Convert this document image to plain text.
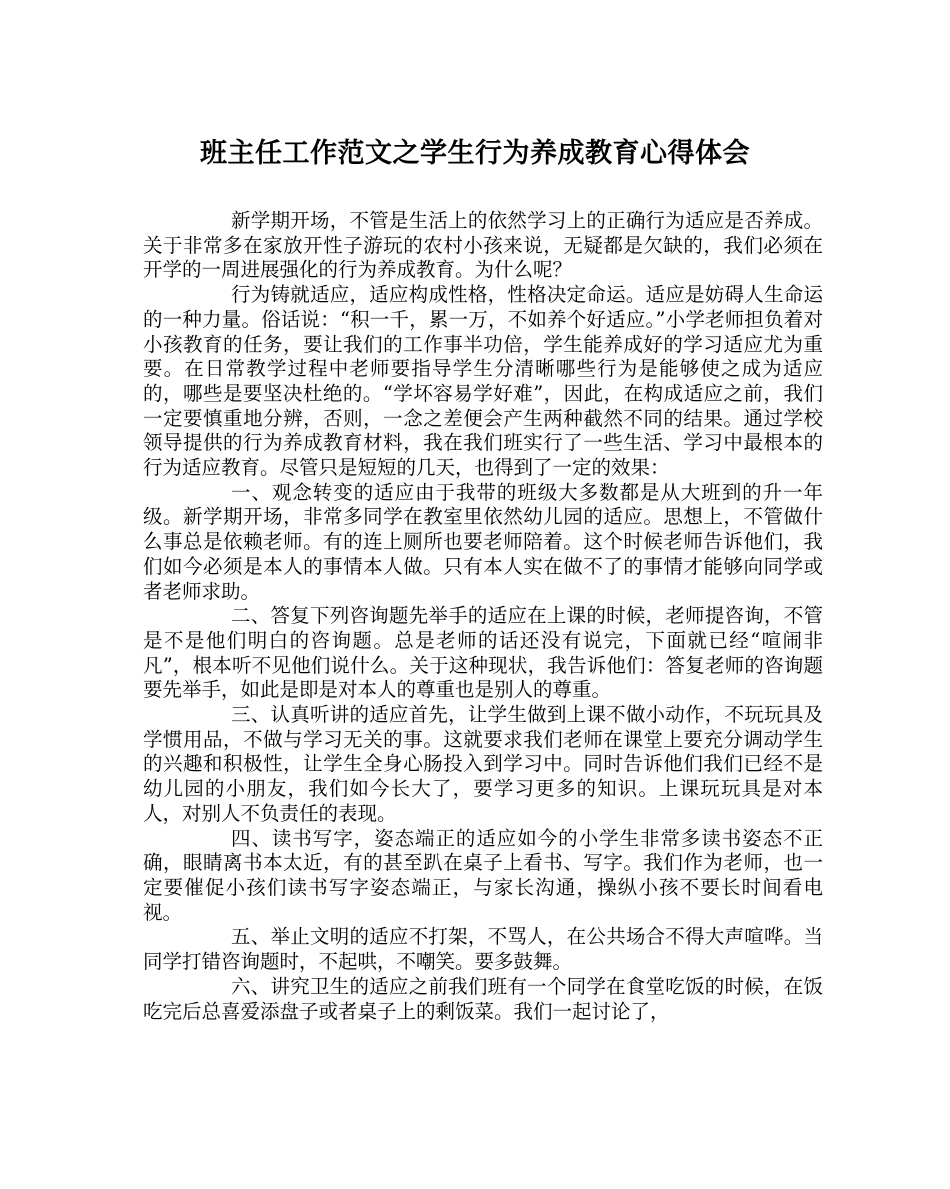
班主任工作范文之学生行为养成教育心得体会

新学期开场，不管是生活上的依然学习上的正确行为适应是否养成。关于非常多在家放开性子游玩的农村小孩来说，无疑都是欠缺的，我们必须在开学的一周进展强化的行为养成教育。为什么呢？

行为铸就适应，适应构成性格，性格决定命运。适应是妨碍人生命运的一种力量。俗话说：“积一千，累一万，不如养个好适应。”小学老师担负着对小孩教育的任务，要让我们的工作事半功倍，学生能养成好的学习适应尤为重要。在日常教学过程中老师要指导学生分清晰哪些行为是能够使之成为适应的，哪些是要坚决杜绝的。“学坏容易学好难”，因此，在构成适应之前，我们一定要慎重地分辨，否则，一念之差便会产生两种截然不同的结果。通过学校领导提供的行为养成教育材料，我在我们班实行了一些生活、学习中最根本的行为适应教育。尽管只是短短的几天，也得到了一定的效果：

一、观念转变的适应由于我带的班级大多数都是从大班到的升一年级。新学期开场，非常多同学在教室里依然幼儿园的适应。思想上，不管做什么事总是依赖老师。有的连上厕所也要老师陪着。这个时候老师告诉他们，我们如今必须是本人的事情本人做。只有本人实在做不了的事情才能够向同学或者老师求助。

二、答复下列咨询题先举手的适应在上课的时候，老师提咨询，不管是不是他们明白的咨询题。总是老师的话还没有说完，下面就已经“喧闹非凡”，根本听不见他们说什么。关于这种现状，我告诉他们：答复老师的咨询题要先举手，如此是即是对本人的尊重也是别人的尊重。

三、认真听讲的适应首先，让学生做到上课不做小动作，不玩玩具及学惯用品，不做与学习无关的事。这就要求我们老师在课堂上要充分调动学生的兴趣和积极性，让学生全身心肠投入到学习中。同时告诉他们我们已经不是幼儿园的小朋友，我们如今长大了，要学习更多的知识。上课玩玩具是对本人，对别人不负责任的表现。

四、读书写字，姿态端正的适应如今的小学生非常多读书姿态不正确，眼睛离书本太近，有的甚至趴在桌子上看书、写字。我们作为老师，也一定要催促小孩们读书写字姿态端正，与家长沟通，操纵小孩不要长时间看电视。

五、举止文明的适应不打架，不骂人，在公共场合不得大声喧哗。当同学打错咨询题时，不起哄，不嘲笑。要多鼓舞。

六、讲究卫生的适应之前我们班有一个同学在食堂吃饭的时候，在饭吃完后总喜爱添盘子或者桌子上的剩饭菜。我们一起讨论了，
